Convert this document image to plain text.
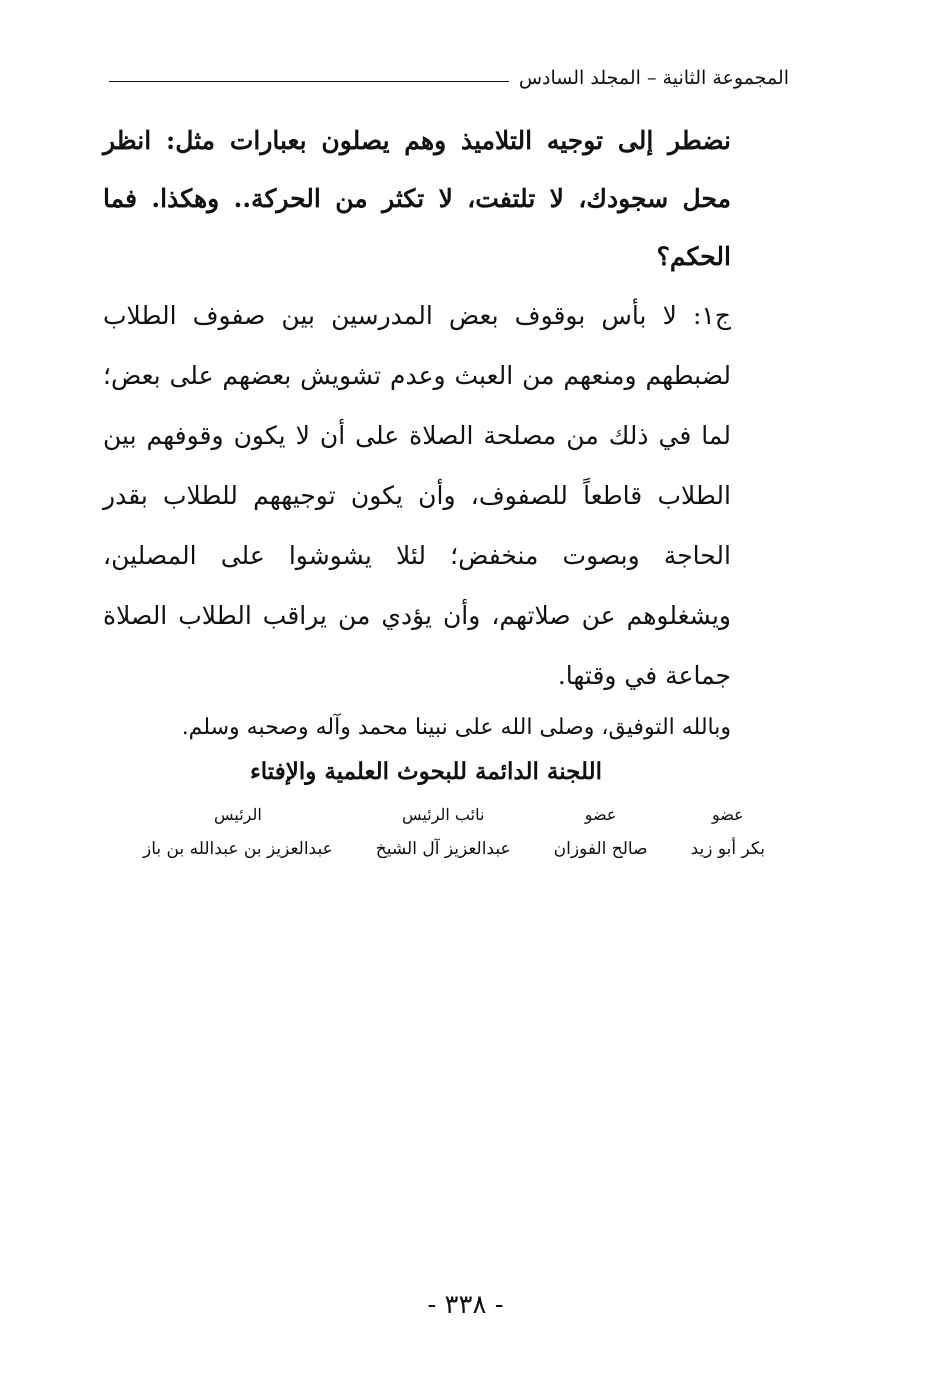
المجموعة الثانية – المجلد السادس

نضطر إلى توجيه التلاميذ وهم يصلون بعبارات مثل: انظر محل سجودك، لا تلتفت، لا تكثر من الحركة.. وهكذا. فما الحكم؟

ج١: لا بأس بوقوف بعض المدرسين بين صفوف الطلاب لضبطهم ومنعهم من العبث وعدم تشويش بعضهم على بعض؛ لما في ذلك من مصلحة الصلاة على أن لا يكون وقوفهم بين الطلاب قاطعاً للصفوف، وأن يكون توجيههم للطلاب بقدر الحاجة وبصوت منخفض؛ لئلا يشوشوا على المصلين، ويشغلوهم عن صلاتهم، وأن يؤدي من يراقب الطلاب الصلاة جماعة في وقتها.

وبالله التوفيق، وصلى الله على نبينا محمد وآله وصحبه وسلم.

اللجنة الدائمة للبحوث العلمية والإفتاء

عضو
بكر أبو زيد
عضو
صالح الفوزان
نائب الرئيس
عبدالعزيز آل الشيخ
الرئيس
عبدالعزيز بن عبدالله بن باز
- ٣٣٨ -
